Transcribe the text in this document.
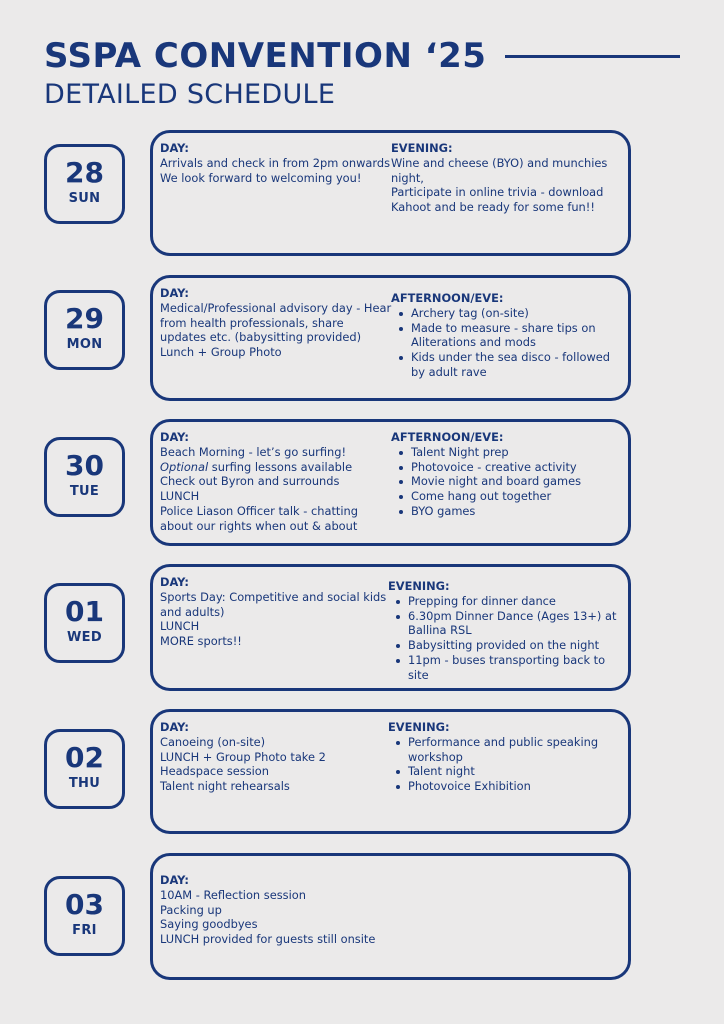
SSPA CONVENTION ‘25
DETAILED SCHEDULE
28
SUN
DAY:
Arrivals and check in from 2pm onwards
We look forward to welcoming you!
EVENING:
Wine and cheese (BYO) and munchies night,
Participate in online trivia - download Kahoot and be ready for some fun!!
29
MON
DAY:
Medical/Professional advisory day - Hear from health professionals, share updates etc. (babysitting provided)
Lunch + Group Photo
AFTERNOON/EVE:
Archery tag (on-site)
Made to measure - share tips on Aliterations and mods
Kids under the sea disco - followed by adult rave
30
TUE
DAY:
Beach Morning - let’s go surfing!
Optional surfing lessons available
Check out Byron and surrounds
LUNCH
Police Liason Officer talk - chatting about our rights when out & about
AFTERNOON/EVE:
Talent Night prep
Photovoice - creative activity
Movie night and board games
Come hang out together
BYO games
01
WED
DAY:
Sports Day: Competitive and social kids and adults)
LUNCH
MORE sports!!
EVENING:
Prepping for dinner dance
6.30pm Dinner Dance (Ages 13+) at Ballina RSL
Babysitting provided on the night
11pm - buses transporting back to site
02
THU
DAY:
Canoeing (on-site)
LUNCH + Group Photo take 2
Headspace session
Talent night rehearsals
EVENING:
Performance and public speaking workshop
Talent night
Photovoice Exhibition
03
FRI
DAY:
10AM - Reflection session
Packing up
Saying goodbyes
LUNCH provided for guests still onsite
